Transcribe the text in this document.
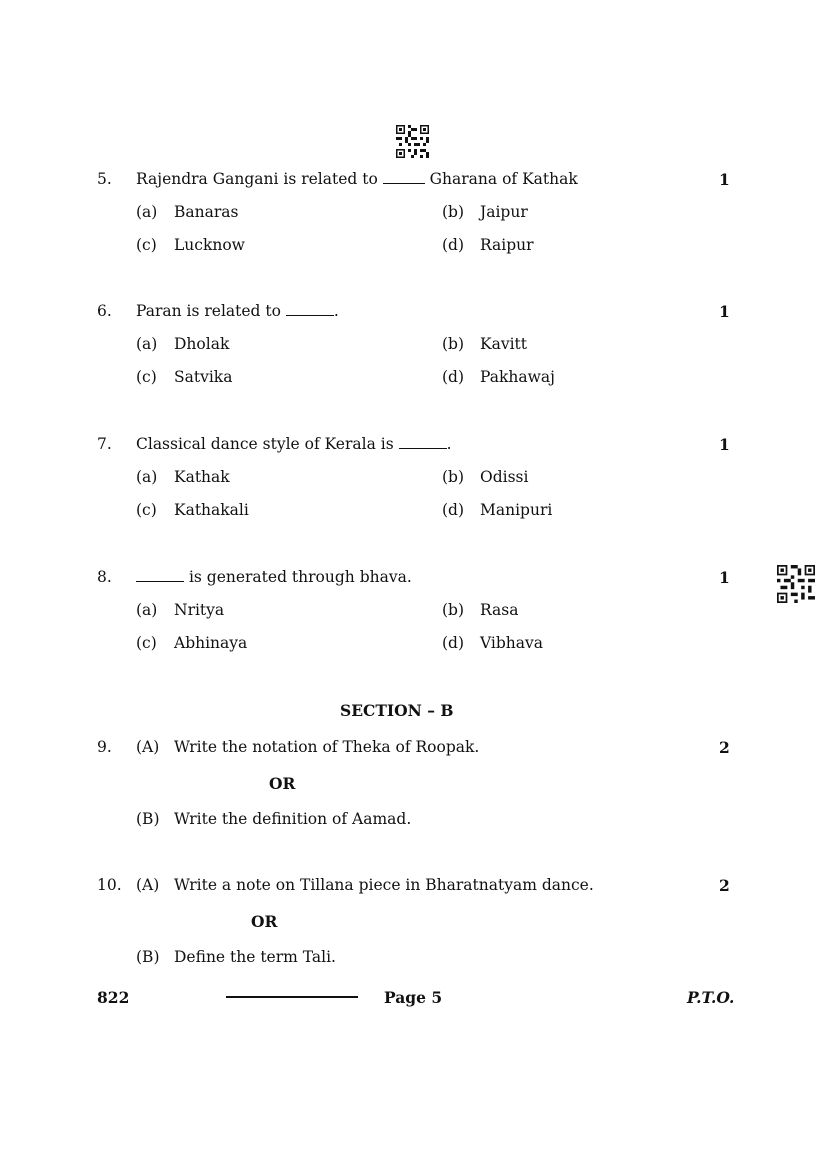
5. Rajendra Gangani is related to	Gharana of Kathak	1
(a) Banaras	(b) Jaipur
(c) Lucknow	(d) Raipur
6. Paran is related to	.	1
(a) Dholak	(b) Kavitt
(c) Satvika	(d) Pakhawaj
7. Classical dance style of Kerala is	.	1
(a) Kathak	(b) Odissi
(c) Kathakali	(d) Manipuri
8.	is generated through bhava.	1
(a) Nritya	(b) Rasa
(c) Abhinaya	(d) Vibhava
SECTION – B
9. (A) Write the notation of Theka of Roopak.	2
OR
(B) Write the definition of Aamad.
10. (A) Write a note on Tillana piece in Bharatnatyam dance.	2
OR
(B) Define the term Tali.
822	Page 5	P.T.O.
